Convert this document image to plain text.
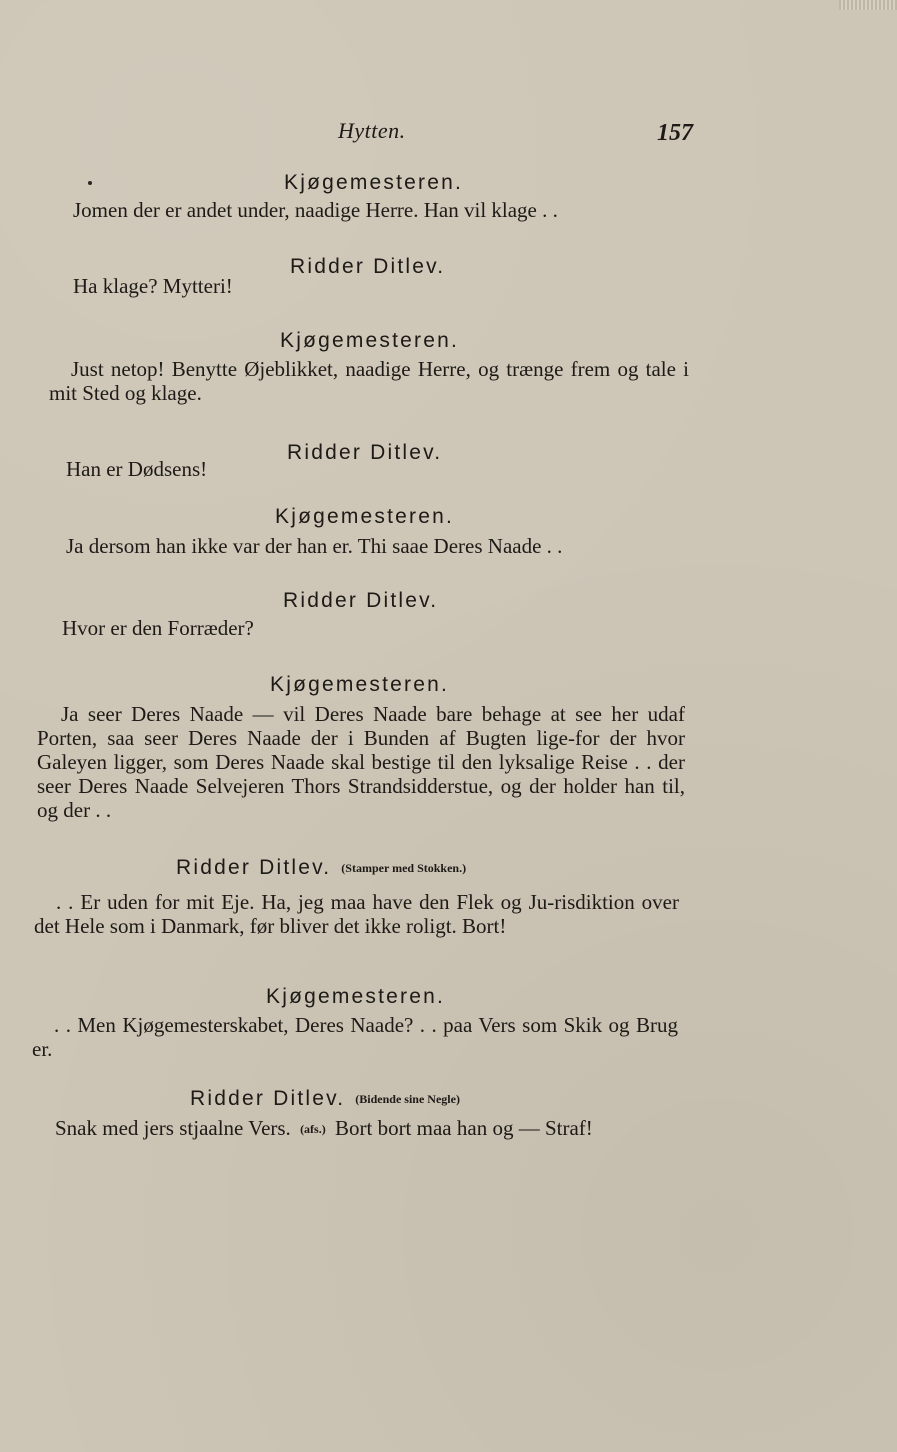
Hytten.	157
Kjøgemesteren.
Jomen der er andet under, naadige Herre. Han vil klage . .
Ridder Ditlev.
Ha klage? Mytteri!
Kjøgemesteren.
Just netop! Benytte Øjeblikket, naadige Herre, og trænge frem og tale i mit Sted og klage.
Ridder Ditlev.
Han er Dødsens!
Kjøgemesteren.
Ja dersom han ikke var der han er. Thi saae Deres Naade . .
Ridder Ditlev.
Hvor er den Forræder?
Kjøgemesteren.
Ja seer Deres Naade — vil Deres Naade bare behage at see her udaf Porten, saa seer Deres Naade der i Bunden af Bugten lige-for der hvor Galeyen ligger, som Deres Naade skal bestige til den lyksalige Reise . . der seer Deres Naade Selvejeren Thors Strandsidderstue, og der holder han til, og der . .
Ridder Ditlev. (Stamper med Stokken.)
. . Er uden for mit Eje. Ha, jeg maa have den Flek og Ju-risdiktion over det Hele som i Danmark, før bliver det ikke roligt. Bort!
Kjøgemesteren.
. . Men Kjøgemesterskabet, Deres Naade? . . paa Vers som Skik og Brug er.
Ridder Ditlev. (Bidende sine Negle)
Snak med jers stjaalne Vers. (afs.) Bort bort maa han og — Straf!
